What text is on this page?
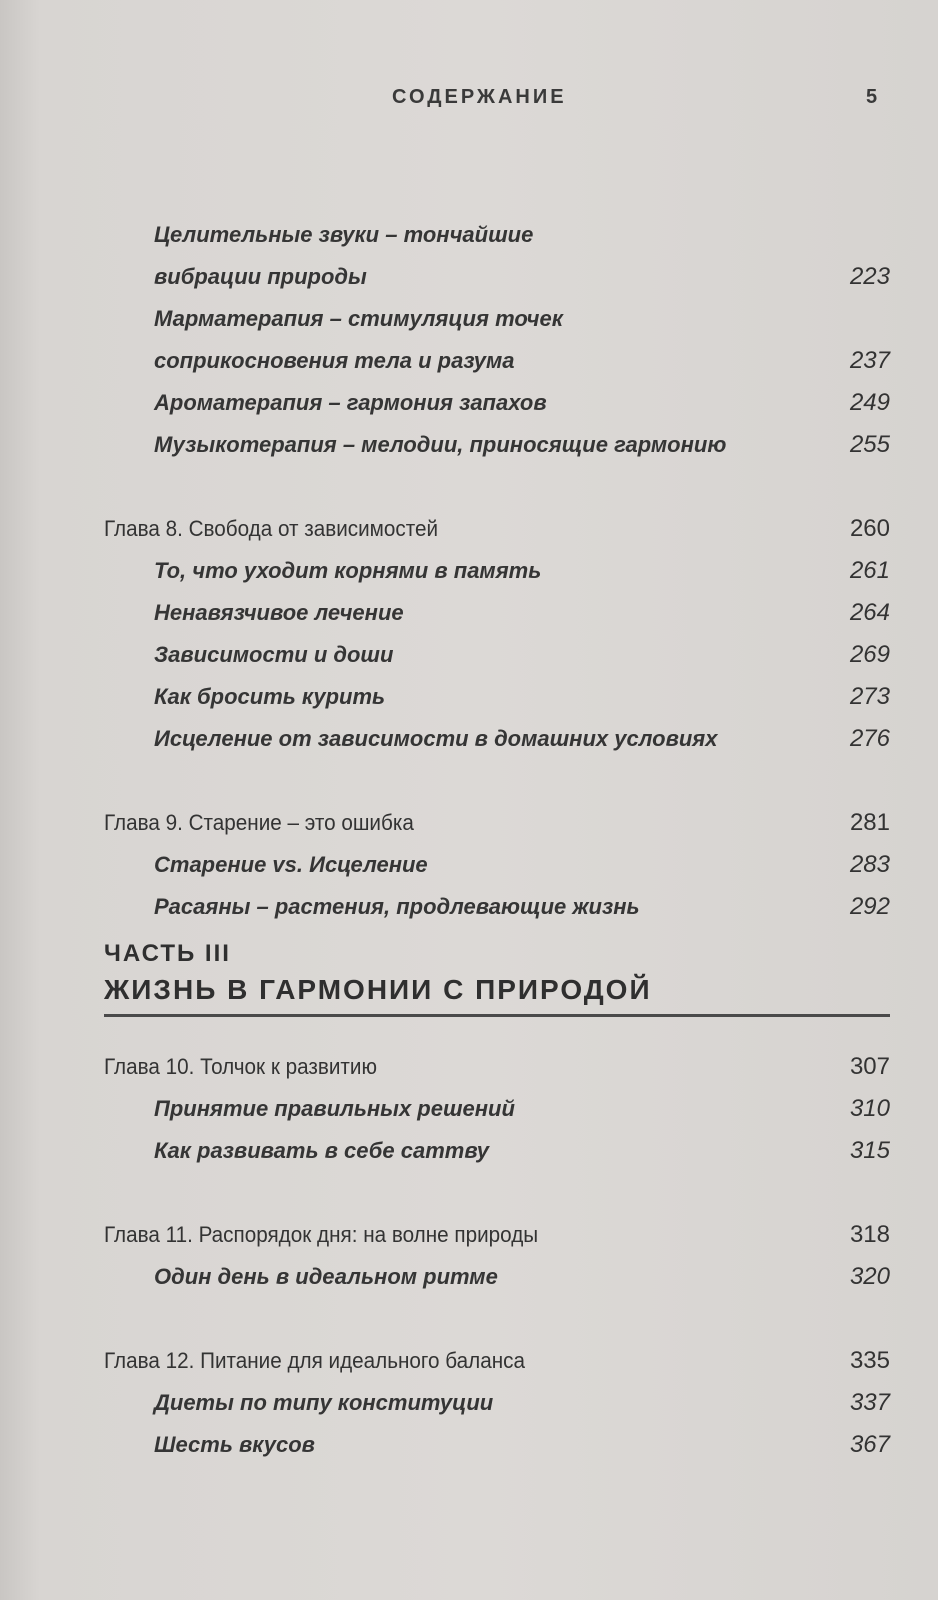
СОДЕРЖАНИЕ	5
Целительные звуки – тончайшие
вибрации природы	223
Марматерапия – стимуляция точек
соприкосновения тела и разума	237
Ароматерапия – гармония запахов	249
Музыкотерапия – мелодии, приносящие гармонию	255
Глава 8. Свобода от зависимостей	260
То, что уходит корнями в память	261
Ненавязчивое лечение	264
Зависимости и доши	269
Как бросить курить	273
Исцеление от зависимости в домашних условиях	276
Глава 9. Старение – это ошибка	281
Старение vs. Исцеление	283
Расаяны – растения, продлевающие жизнь	292
ЧАСТЬ III
ЖИЗНЬ В ГАРМОНИИ С ПРИРОДОЙ
Глава 10. Толчок к развитию	307
Принятие правильных решений	310
Как развивать в себе саттву	315
Глава 11. Распорядок дня: на волне природы	318
Один день в идеальном ритме	320
Глава 12. Питание для идеального баланса	335
Диеты по типу конституции	337
Шесть вкусов	367
